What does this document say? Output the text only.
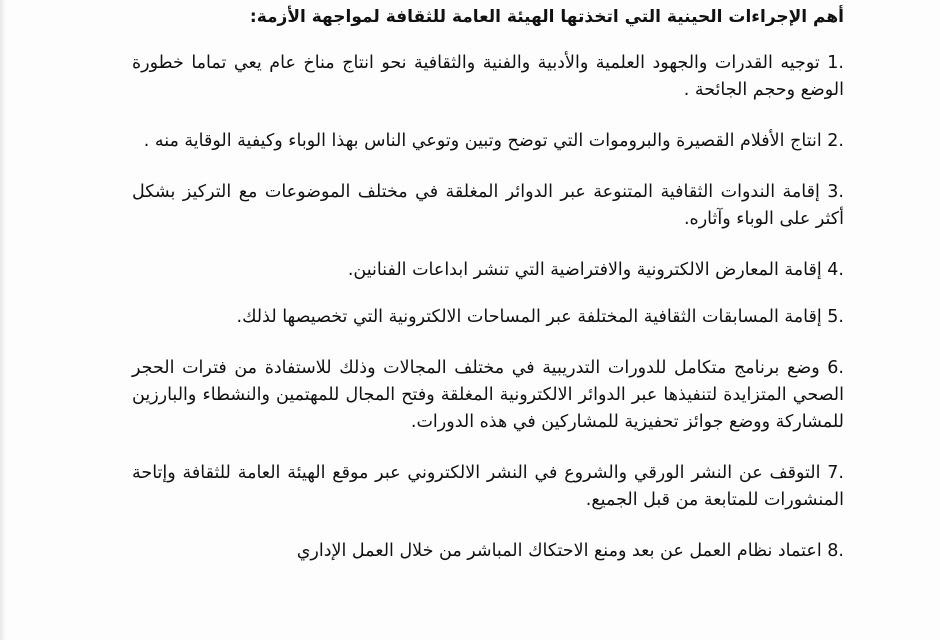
أهم الإجراءات الحينية التي اتخذتها الهيئة العامة للثقافة لمواجهة الأزمة:

1. توجيه القدرات والجهود العلمية والأدبية والفنية والثقافية نحو انتاج مناخ عام يعي تماما خطورة الوضع وحجم الجائحة .

2. انتاج الأفلام القصيرة والبروموات التي توضح وتبين وتوعي الناس بهذا الوباء وكيفية الوقاية منه .

3. إقامة الندوات الثقافية المتنوعة عبر الدوائر المغلقة في مختلف الموضوعات مع التركيز بشكل أكثر على الوباء وآثاره.

4. إقامة المعارض الالكترونية والافتراضية التي تنشر ابداعات الفنانين.

5. إقامة المسابقات الثقافية المختلفة عبر المساحات الالكترونية التي تخصيصها لذلك.

6. وضع برنامج متكامل للدورات التدريبية في مختلف المجالات وذلك للاستفادة من فترات الحجر الصحي المتزايدة لتنفيذها عبر الدوائر الالكترونية المغلقة وفتح المجال للمهتمين والنشطاء والبارزين للمشاركة ووضع جوائز تحفيزية للمشاركين في هذه الدورات.

7. التوقف عن النشر الورقي والشروع في النشر الالكتروني عبر موقع الهيئة العامة للثقافة وإتاحة المنشورات للمتابعة من قبل الجميع.

8. اعتماد نظام العمل عن بعد ومنع الاحتكاك المباشر من خلال العمل الإداري
